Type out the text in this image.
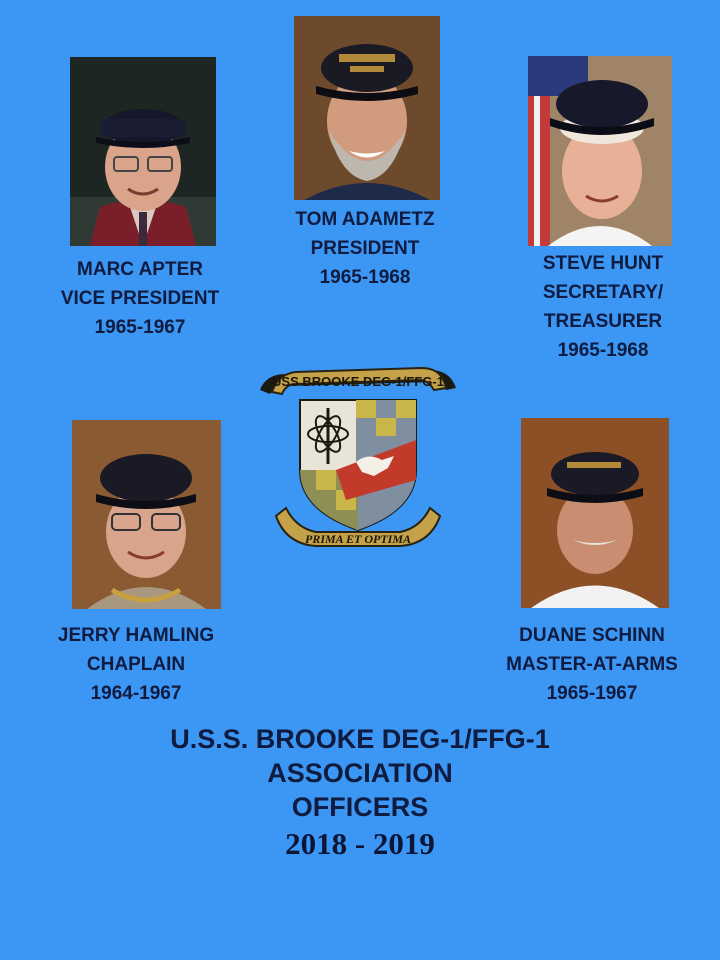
MARC APTER
VICE PRESIDENT
1965-1967
TOM ADAMETZ
PRESIDENT
1965-1968
STEVE HUNT
SECRETARY/
TREASURER
1965-1968
JERRY HAMLING
CHAPLAIN
1964-1967
DUANE SCHINN
MASTER-AT-ARMS
1965-1967
USS BROOKE DEG-1/FFG-1
PRIMA ET OPTIMA
U.S.S. BROOKE DEG-1/FFG-1
ASSOCIATION
OFFICERS
2018 - 2019
